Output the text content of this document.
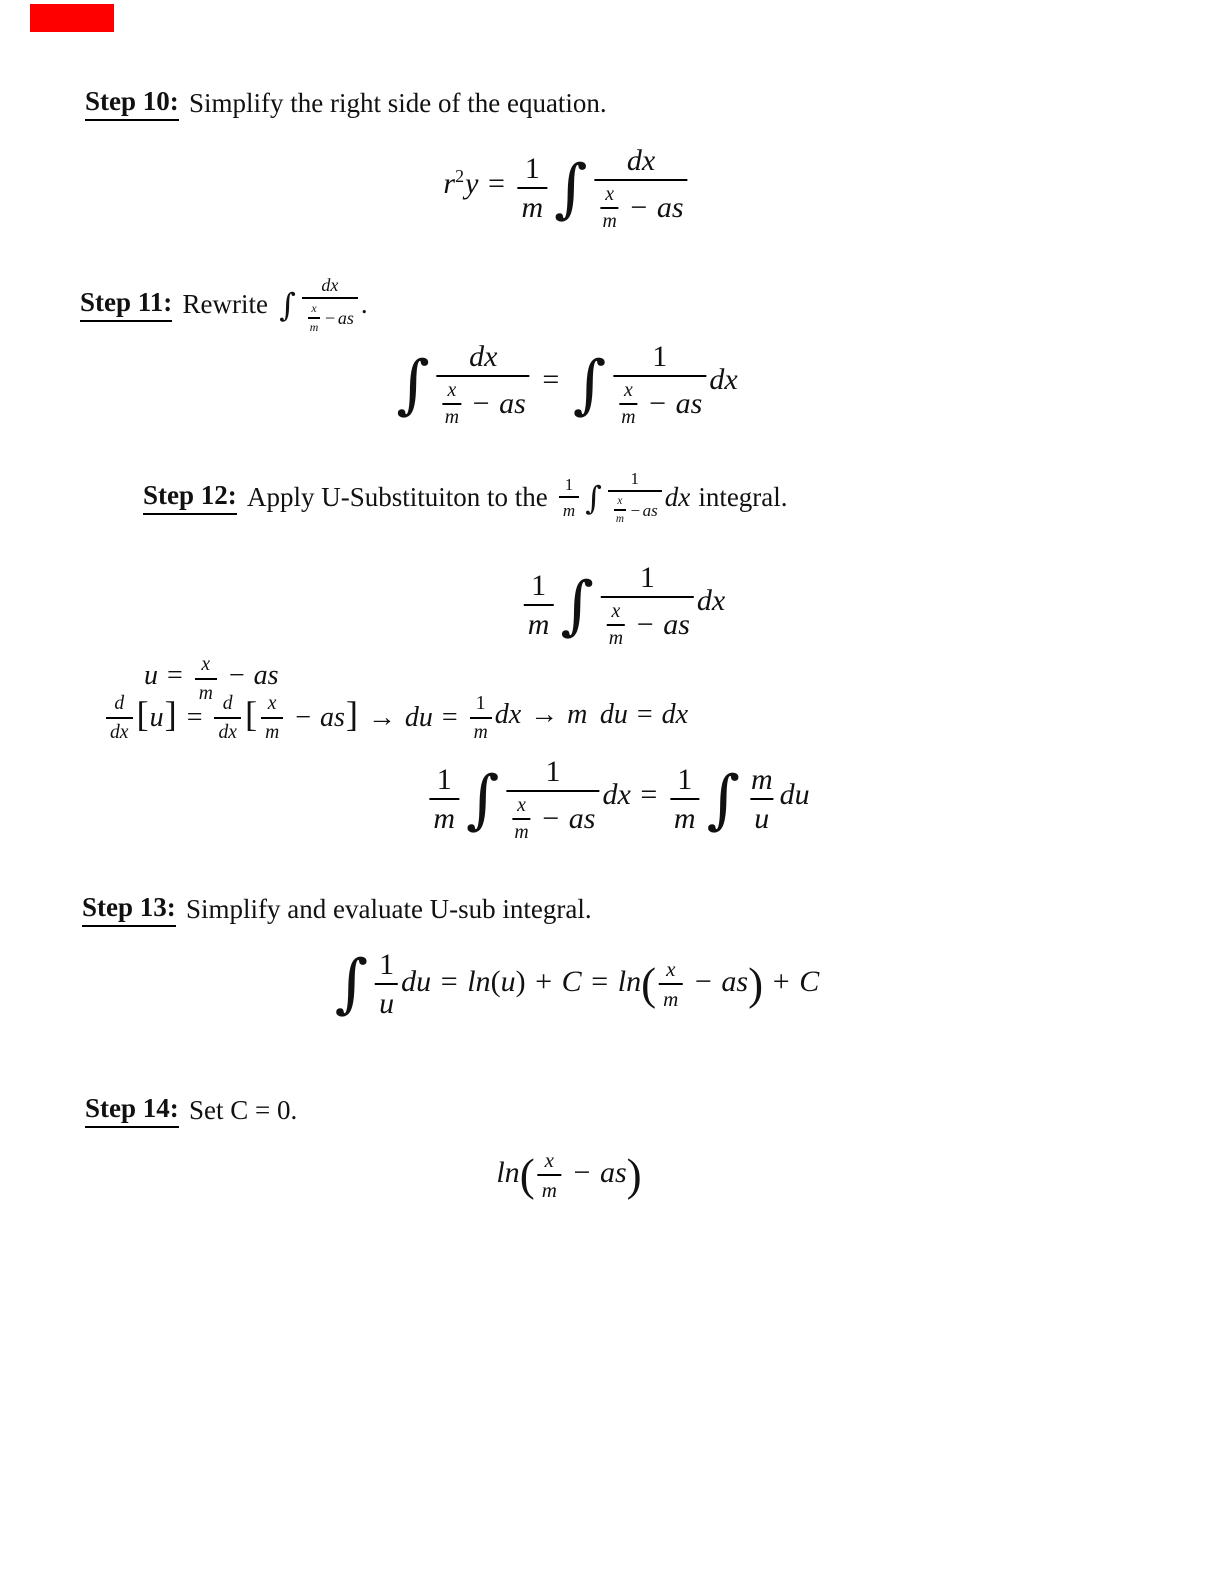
Step 10: Simplify the right side of the equation.
$r^2y = \frac{1}{m}$ ∫ $\frac{dx}{\frac{x}{m} - as}$
Step 11: Rewrite ∫ $\frac{dx}{\frac{x}{m} - as}$ .
∫ $\frac{dx}{\frac{x}{m} - as}$ = ∫ $\frac{1}{\frac{x}{m} - as}$ dx
Step 12: Apply U-Substituiton to the $\frac{1}{m}$ ∫ $\frac{1}{\frac{x}{m} - as}$ dx integral.
$\frac{1}{m}$ ∫ $\frac{1}{\frac{x}{m} - as}$ dx
$u = \frac{x}{m}$ − as
$\frac{d}{dx} [u] = \frac{d}{dx}$ [ $\frac{x}{m} - as$] → du = $\frac{1}{m}$ dx → m du = dx
$\frac{1}{m}$ ∫ $\frac{1}{\frac{x}{m} - as}$ dx = $\frac{1}{m}$ ∫ $\frac{m}{u}$ du
Step 13: Simplify and evaluate U-sub integral.
∫ $\frac{1}{u}$ du = ln(u) + C = ln ( $\frac{x}{m}$ − as ) + C
Step 14: Set C = 0.
ln ( $\frac{x}{m}$ − as )
